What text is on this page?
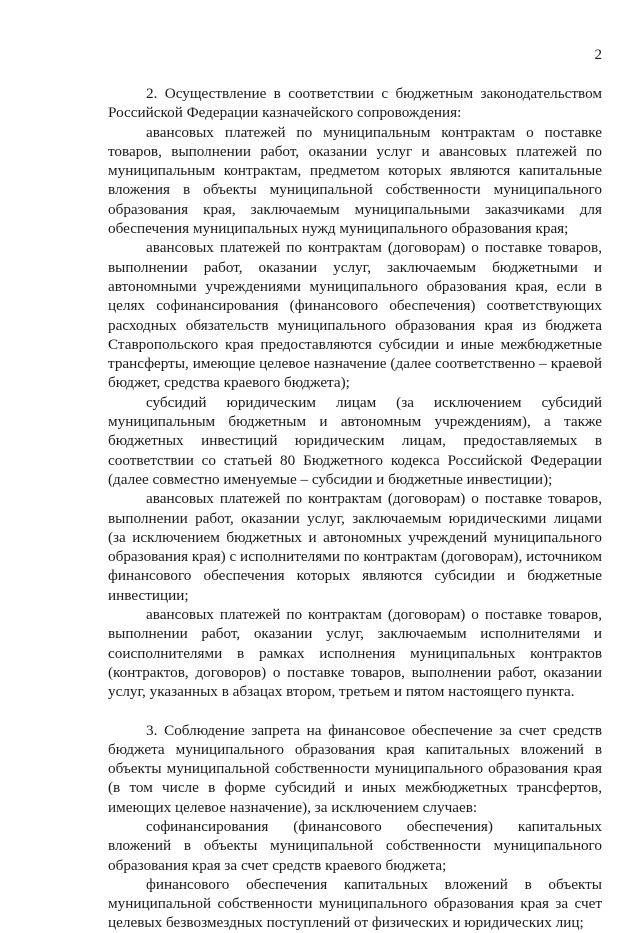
2

2. Осуществление в соответствии с бюджетным законодательством Российской Федерации казначейского сопровождения:

авансовых платежей по муниципальным контрактам о поставке товаров, выполнении работ, оказании услуг и авансовых платежей по муниципальным контрактам, предметом которых являются капитальные вложения в объекты муниципальной собственности муниципального образования края, заключаемым муниципальными заказчиками для обеспечения муниципальных нужд муниципального образования края;

авансовых платежей по контрактам (договорам) о поставке товаров, выполнении работ, оказании услуг, заключаемым бюджетными и автономными учреждениями муниципального образования края, если в целях софинансирования (финансового обеспечения) соответствующих расходных обязательств муниципального образования края из бюджета Ставропольского края предоставляются субсидии и иные межбюджетные трансферты, имеющие целевое назначение (далее соответственно – краевой бюджет, средства краевого бюджета);

субсидий юридическим лицам (за исключением субсидий муниципальным бюджетным и автономным учреждениям), а также бюджетных инвестиций юридическим лицам, предоставляемых в соответствии со статьей 80 Бюджетного кодекса Российской Федерации (далее совместно именуемые – субсидии и бюджетные инвестиции);

авансовых платежей по контрактам (договорам) о поставке товаров, выполнении работ, оказании услуг, заключаемым юридическими лицами (за исключением бюджетных и автономных учреждений муниципального образования края) с исполнителями по контрактам (договорам), источником финансового обеспечения которых являются субсидии и бюджетные инвестиции;

авансовых платежей по контрактам (договорам) о поставке товаров, выполнении работ, оказании услуг, заключаемым исполнителями и соисполнителями в рамках исполнения муниципальных контрактов (контрактов, договоров) о поставке товаров, выполнении работ, оказании услуг, указанных в абзацах втором, третьем и пятом настоящего пункта.

3. Соблюдение запрета на финансовое обеспечение за счет средств бюджета муниципального образования края капитальных вложений в объекты муниципальной собственности муниципального образования края (в том числе в форме субсидий и иных межбюджетных трансфертов, имеющих целевое назначение), за исключением случаев:

софинансирования (финансового обеспечения) капитальных вложений в объекты муниципальной собственности муниципального образования края за счет средств краевого бюджета;

финансового обеспечения капитальных вложений в объекты муниципальной собственности муниципального образования края за счет целевых безвозмездных поступлений от физических и юридических лиц;
